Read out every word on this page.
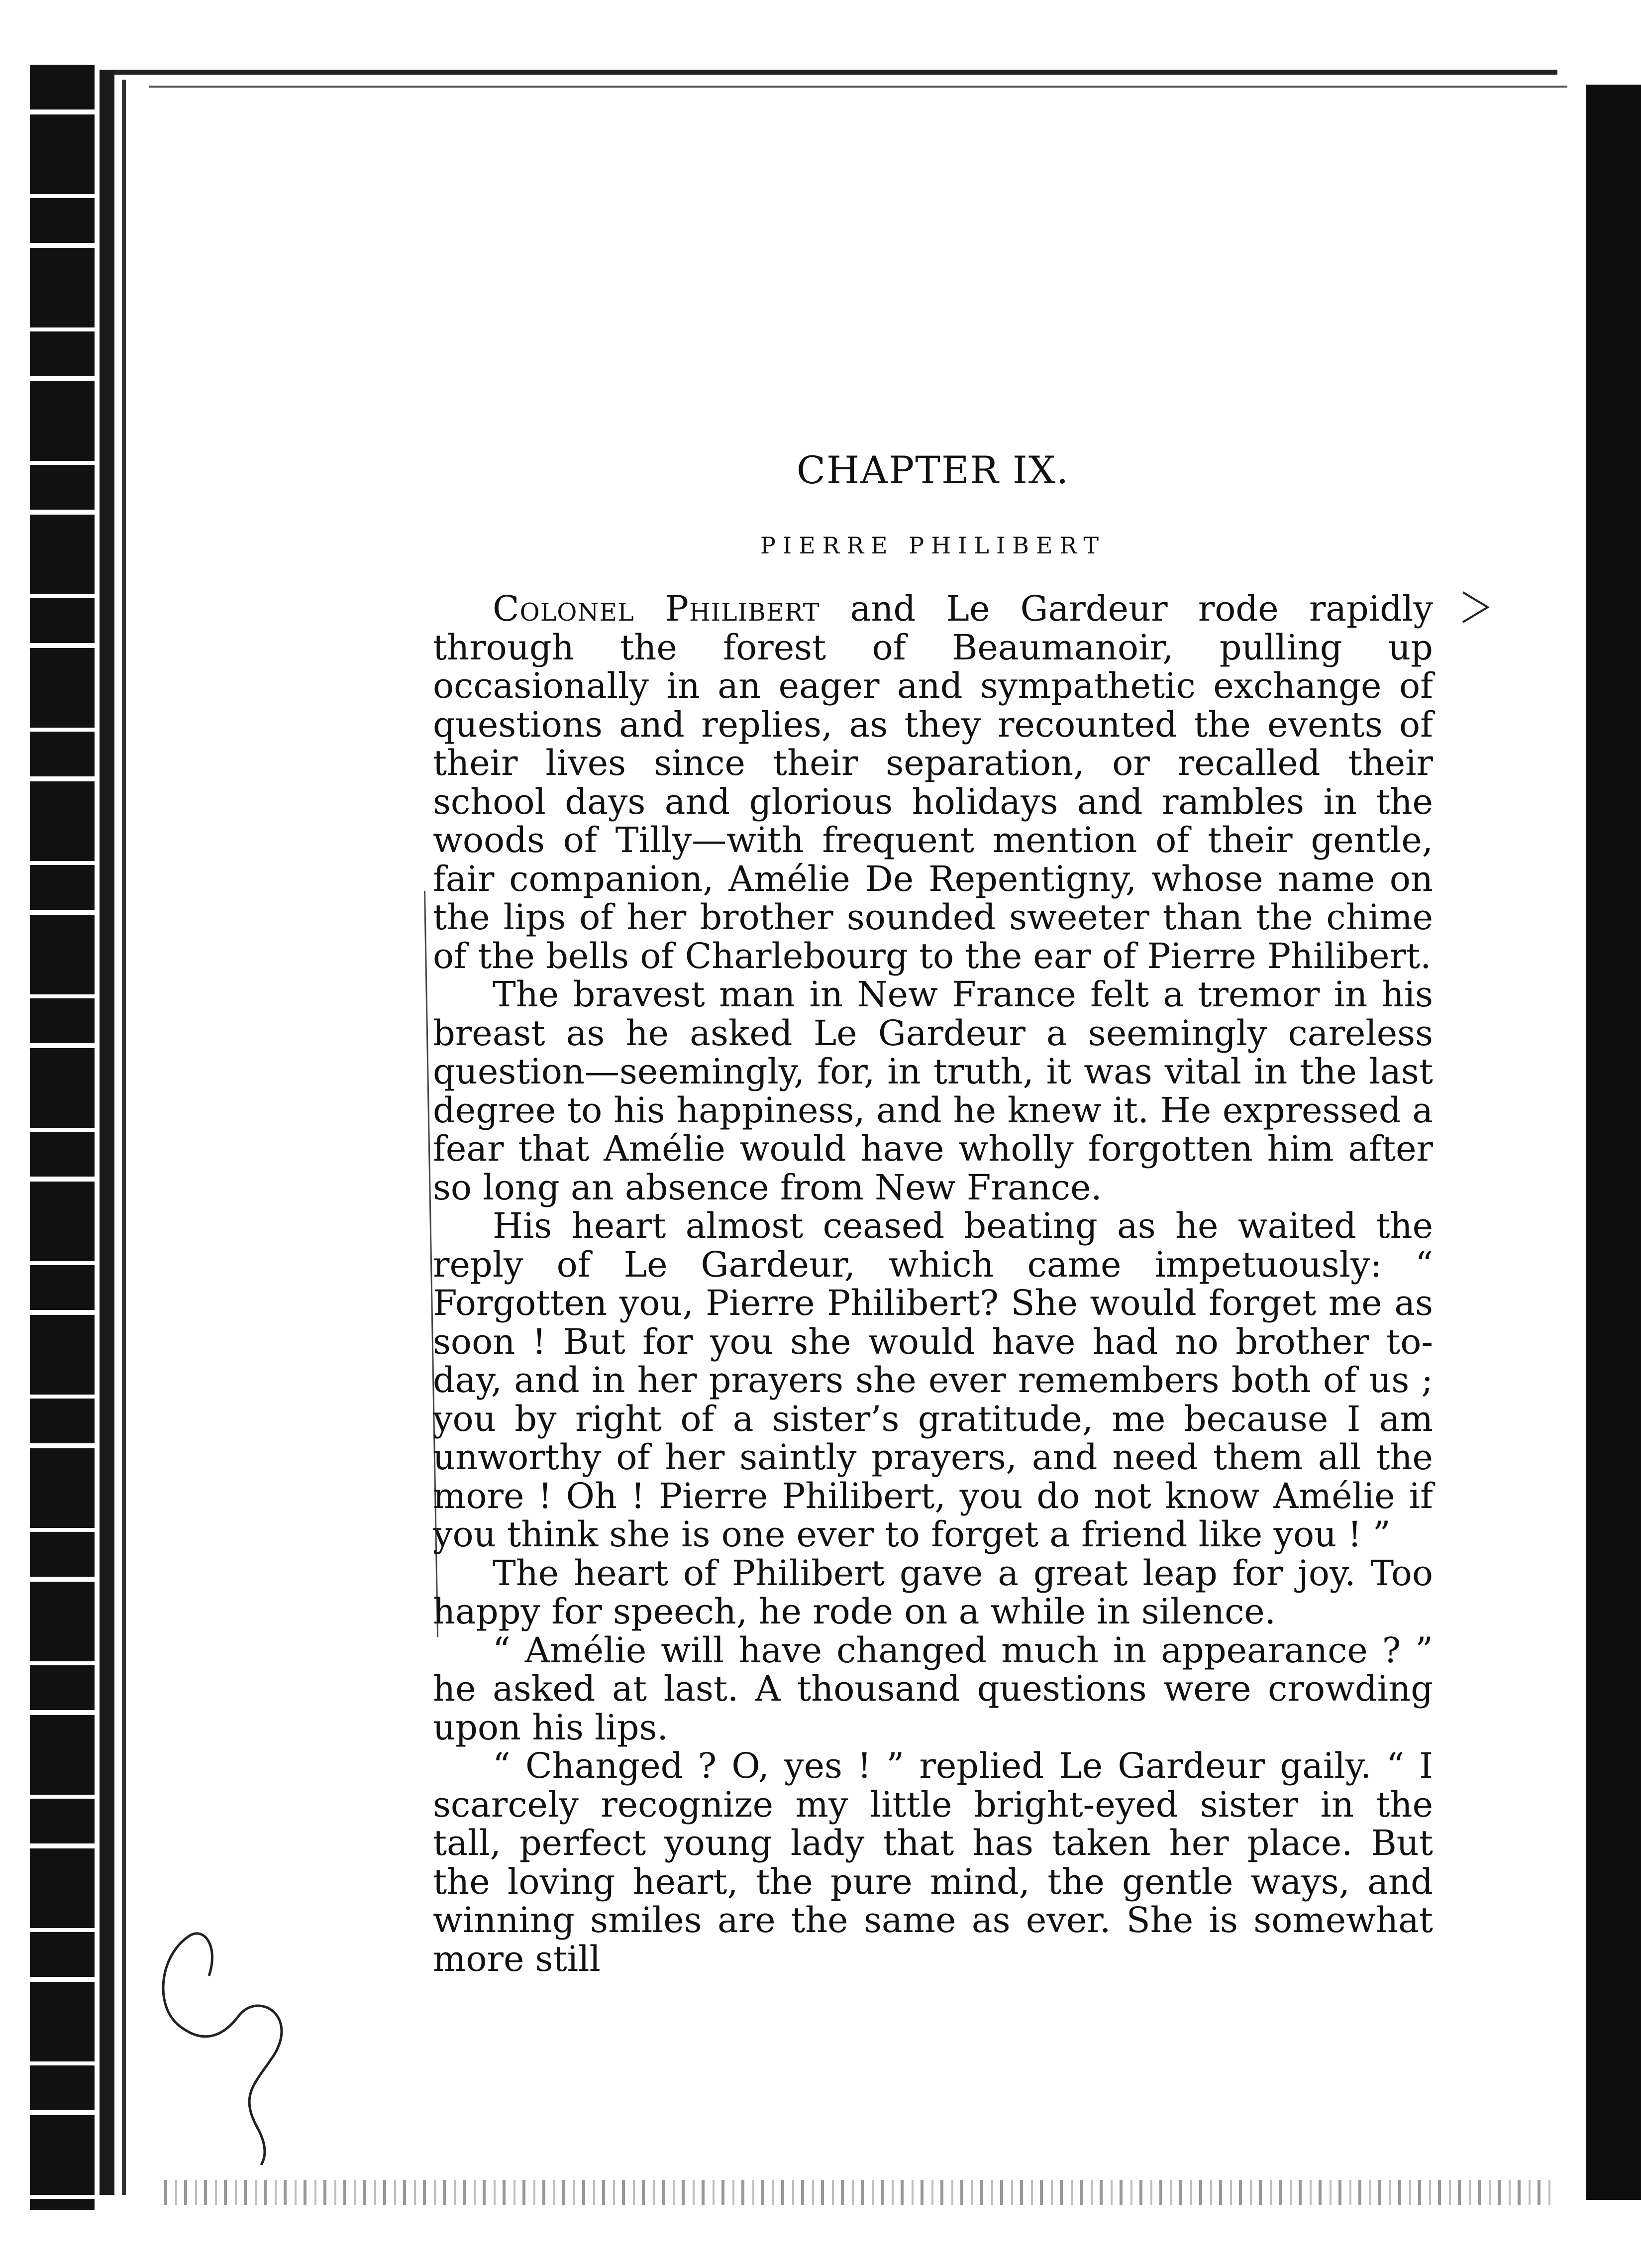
CHAPTER IX.
PIERRE PHILIBERT

Colonel Philibert and Le Gardeur rode rapidly through the forest of Beaumanoir, pulling up occasionally in an eager and sympathetic exchange of questions and replies, as they recounted the events of their lives since their separation, or recalled their school days and glorious holidays and rambles in the woods of Tilly—with frequent mention of their gentle, fair companion, Amélie De Repentigny, whose name on the lips of her brother sounded sweeter than the chime of the bells of Charlebourg to the ear of Pierre Philibert.

The bravest man in New France felt a tremor in his breast as he asked Le Gardeur a seemingly careless question—seemingly, for, in truth, it was vital in the last degree to his happiness, and he knew it. He expressed a fear that Amélie would have wholly forgotten him after so long an absence from New France.

His heart almost ceased beating as he waited the reply of Le Gardeur, which came impetuously: “ Forgotten you, Pierre Philibert? She would forget me as soon ! But for you she would have had no brother to-day, and in her prayers she ever remembers both of us ; you by right of a sister’s gratitude, me because I am unworthy of her saintly prayers, and need them all the more ! Oh ! Pierre Philibert, you do not know Amélie if you think she is one ever to forget a friend like you ! ”

The heart of Philibert gave a great leap for joy. Too happy for speech, he rode on a while in silence.

“ Amélie will have changed much in appearance ? ” he asked at last. A thousand questions were crowding upon his lips.

“ Changed ? O, yes ! ” replied Le Gardeur gaily. “ I scarcely recognize my little bright-eyed sister in the tall, perfect young lady that has taken her place. But the loving heart, the pure mind, the gentle ways, and winning smiles are the same as ever. She is somewhat more still
